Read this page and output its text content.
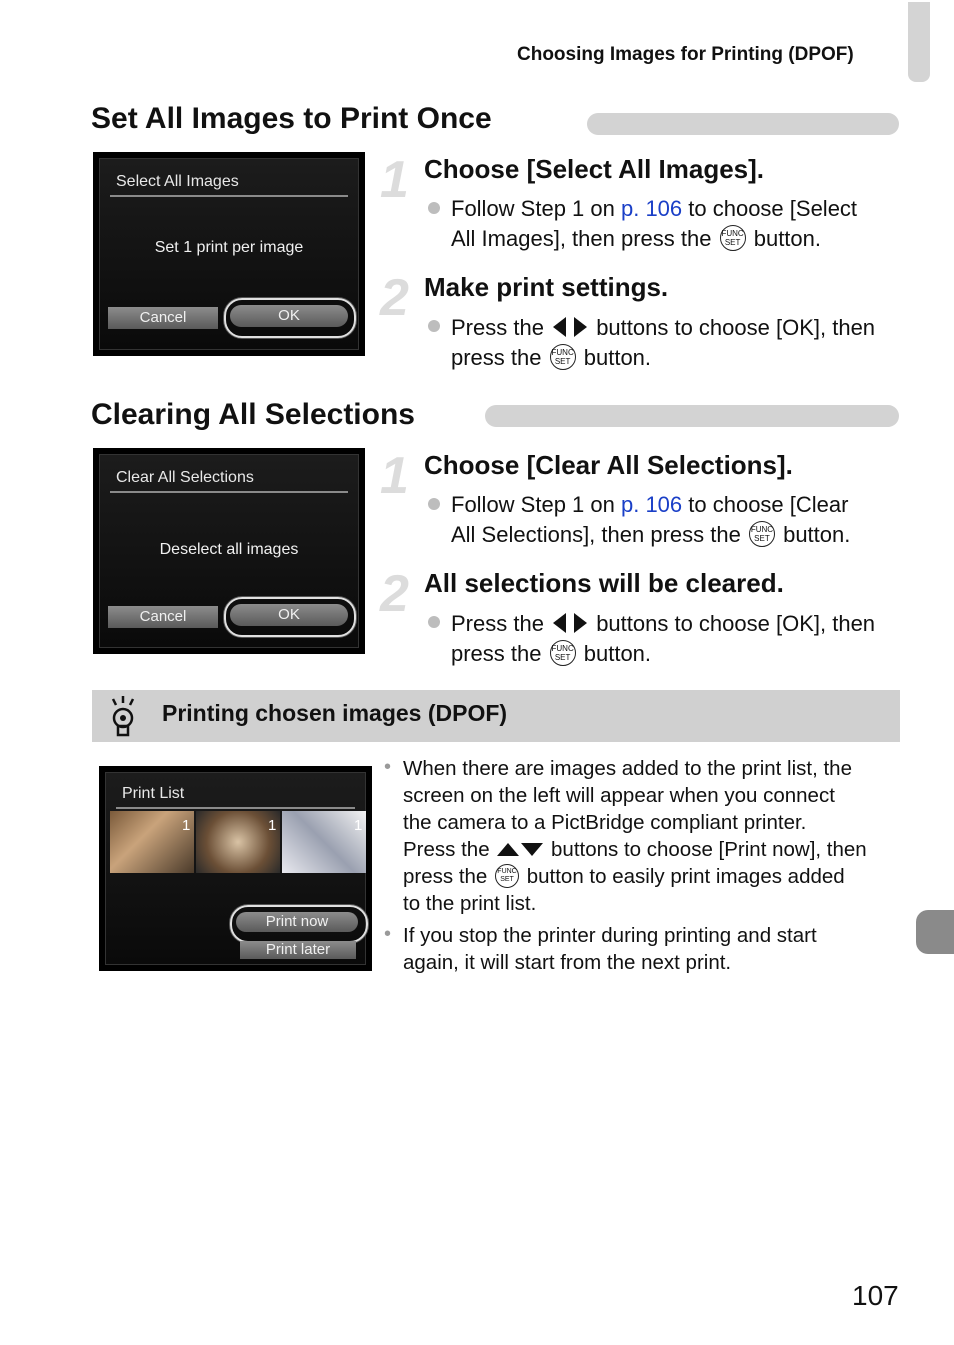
Choosing Images for Printing (DPOF)
Set All Images to Print Once
Select All Images
Set 1 print per image
Cancel	OK
1 Choose [Select All Images].
Follow Step 1 on p. 106 to choose [Select
All Images], then press the FUNC
SET button.
2 Make print settings.
Press the buttons to choose [OK], then
press the FUNC
SET button.
Clearing All Selections
Clear All Selections
Deselect all images
Cancel	OK
1 Choose [Clear All Selections].
Follow Step 1 on p. 106 to choose [Clear
All Selections], then press the FUNC
SET button.
2 All selections will be cleared.
Press the buttons to choose [OK], then
press the FUNC
SET button.
Printing chosen images (DPOF)
Print List
1	1	1
Print now
Print later
• When there are images added to the print list, the
screen on the left will appear when you connect
the camera to a PictBridge compliant printer.
Press the	buttons to choose [Print now], then
press the FUNC
SET button to easily print images added
to the print list.
• If you stop the printer during printing and start
again, it will start from the next print.
107
